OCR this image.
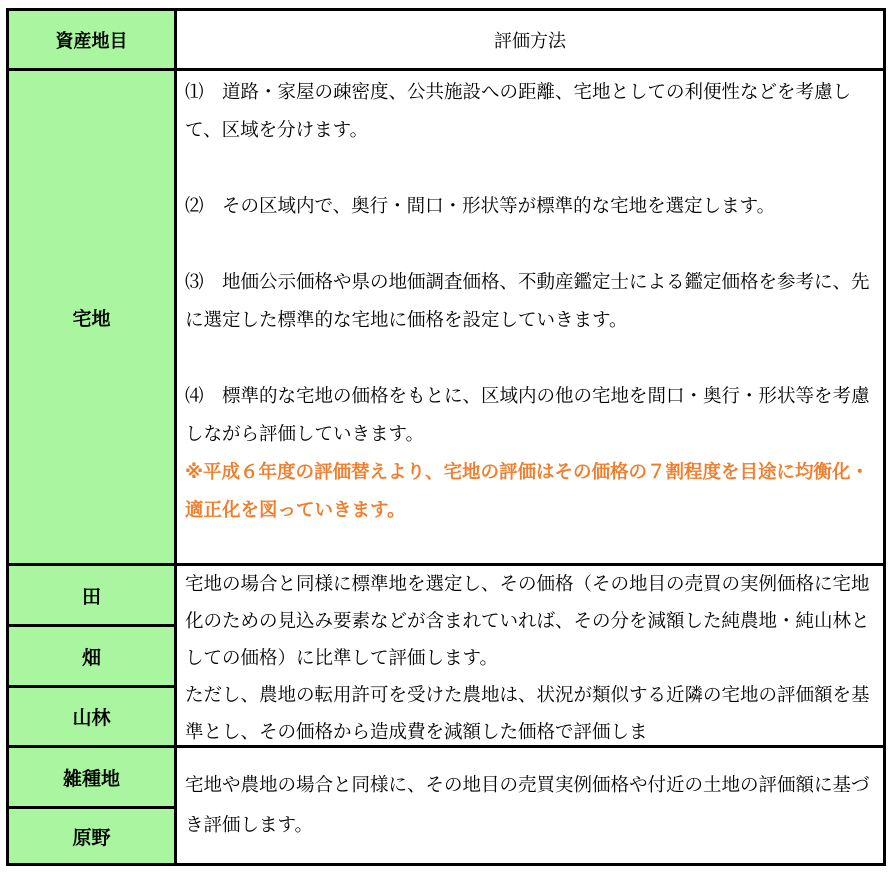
資産地目	評価方法
宅地

⑴　道路・家屋の疎密度、公共施設への距離、宅地としての利便性などを考慮して、区域を分けます。

⑵　その区域内で、奥行・間口・形状等が標準的な宅地を選定します。

⑶　地価公示価格や県の地価調査価格、不動産鑑定士による鑑定価格を参考に、先に選定した標準的な宅地に価格を設定していきます。

⑷　標準的な宅地の価格をもとに、区域内の他の宅地を間口・奥行・形状等を考慮しながら評価していきます。

※平成６年度の評価替えより、宅地の評価はその価格の７割程度を目途に均衡化・適正化を図っていきます。

田
畑
山林

宅地の場合と同様に標準地を選定し、その価格（その地目の売買の実例価格に宅地化のための見込み要素などが含まれていれば、その分を減額した純農地・純山林としての価格）に比準して評価します。

ただし、農地の転用許可を受けた農地は、状況が類似する近隣の宅地の評価額を基準とし、その価格から造成費を減額した価格で評価しま

雑種地
原野

宅地や農地の場合と同様に、その地目の売買実例価格や付近の土地の評価額に基づき評価します。
